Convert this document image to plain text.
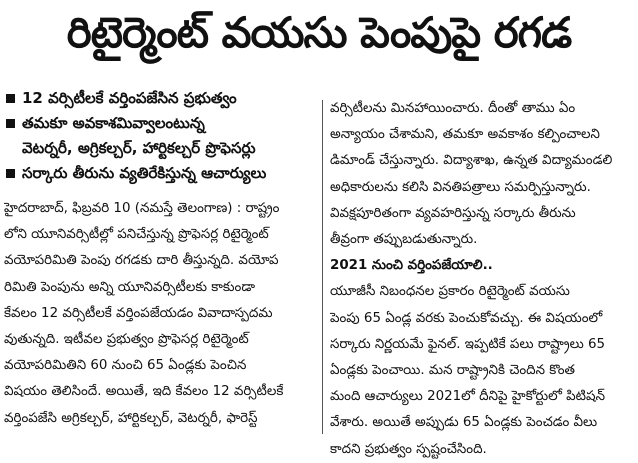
రిటైర్మెంట్ వయసు పెంపుపై రగడ
12 వర్సిటీలకే వర్తింపజేసిన ప్రభుత్వం
తమకూ అవకాశమివ్వాలంటున్న
వెటర్నరీ, అగ్రికల్చర్, హార్టికల్చర్ ప్రొఫెసర్లు
సర్కారు తీరును వ్యతిరేకిస్తున్న ఆచార్యులు
హైదరాబాద్, ఫిబ్రవరి 10 (నమస్తే తెలంగాణ) : రాష్ట్రం
లోని యూనివర్సిటీల్లో పనిచేస్తున్న ప్రొఫెసర్ల రిటైర్మెంట్
వయోపరిమితి పెంపు రగడకు దారి తీస్తున్నది. వయోప
రిమితి పెంపును అన్ని యూనివర్సిటీలకు కాకుండా
కేవలం 12 వర్సిటీలకే వర్తింపజేయడం వివాదాస్పదమ
వుతున్నది. ఇటీవల ప్రభుత్వం ప్రొఫెసర్ల రిటైర్మెంట్
వయోపరిమితిని 60 నుంచి 65 ఏండ్లకు పెంచిన
విషయం తెలిసిందే. అయితే, ఇది కేవలం 12 వర్సిటీలకే
వర్తింపజేసి అగ్రికల్చర్, హార్టికల్చర్, వెటర్నరీ, ఫారెస్ట్
వర్సిటీలను మినహాయించారు. దీంతో తాము ఏం
అన్యాయం చేశామని, తమకూ అవకాశం కల్పించాలని
డిమాండ్ చేస్తున్నారు. విద్యాశాఖ, ఉన్నత విద్యామండలి
అధికారులను కలిసి వినతిపత్రాలు సమర్పిస్తున్నారు.
వివక్షపూరితంగా వ్యవహరిస్తున్న సర్కారు తీరును
తీవ్రంగా తప్పుబడుతున్నారు.
2021 నుంచి వర్తింపజేయాలి..
యూజీసీ నిబంధనల ప్రకారం రిటైర్మెంట్ వయసు
పెంపు 65 ఏండ్ల వరకు పెంచుకోవచ్చు. ఈ విషయంలో
సర్కారు నిర్ణయమే ఫైనల్. ఇప్పటికే పలు రాష్ట్రాలు 65
ఏండ్లకు పెంచాయి. మన రాష్ట్రానికి చెందిన కొంత
మంది ఆచార్యులు 2021లో దీనిపై హైకోర్టులో పిటిషన్
వేశారు. అయితే అప్పుడు 65 ఏండ్లకు పెంచడం వీలు
కాదని ప్రభుత్వం స్పష్టంచేసింది.
